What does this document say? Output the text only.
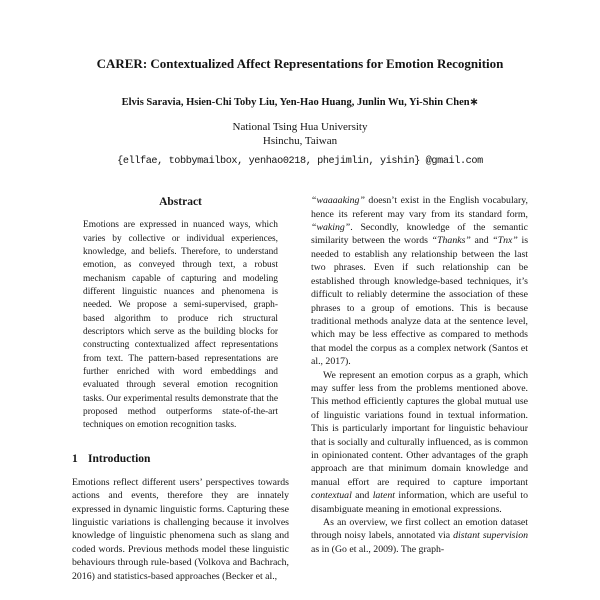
CARER: Contextualized Affect Representations for Emotion Recognition
Elvis Saravia, Hsien-Chi Toby Liu, Yen-Hao Huang, Junlin Wu, Yi-Shin Chen∗
National Tsing Hua University
Hsinchu, Taiwan
{ellfae, tobbymailbox, yenhao0218, phejimlin, yishin} @gmail.com
Abstract

Emotions are expressed in nuanced ways, which varies by collective or individual experiences, knowledge, and beliefs. Therefore, to understand emotion, as conveyed through text, a robust mechanism capable of capturing and modeling different linguistic nuances and phenomena is needed. We propose a semi-supervised, graph-based algorithm to produce rich structural descriptors which serve as the building blocks for constructing contextualized affect representations from text. The pattern-based representations are further enriched with word embeddings and evaluated through several emotion recognition tasks. Our experimental results demonstrate that the proposed method outperforms state-of-the-art techniques on emotion recognition tasks.

1 Introduction

Emotions reflect different users’ perspectives towards actions and events, therefore they are innately expressed in dynamic linguistic forms. Capturing these linguistic variations is challenging because it involves knowledge of linguistic phenomena such as slang and coded words. Previous methods model these linguistic behaviours through rule-based (Volkova and Bachrach, 2016) and statistics-based approaches (Becker et al.,

“waaaaking” doesn’t exist in the English vocabulary, hence its referent may vary from its standard form, “waking”. Secondly, knowledge of the semantic similarity between the words “Thanks” and “Tnx” is needed to establish any relationship between the last two phrases. Even if such relationship can be established through knowledge-based techniques, it’s difficult to reliably determine the association of these phrases to a group of emotions. This is because traditional methods analyze data at the sentence level, which may be less effective as compared to methods that model the corpus as a complex network (Santos et al., 2017).

We represent an emotion corpus as a graph, which may suffer less from the problems mentioned above. This method efficiently captures the global mutual use of linguistic variations found in textual information. This is particularly important for linguistic behaviour that is socially and culturally influenced, as is common in opinionated content. Other advantages of the graph approach are that minimum domain knowledge and manual effort are required to capture important contextual and latent information, which are useful to disambiguate meaning in emotional expressions.

As an overview, we first collect an emotion dataset through noisy labels, annotated via distant supervision as in (Go et al., 2009). The graph-
